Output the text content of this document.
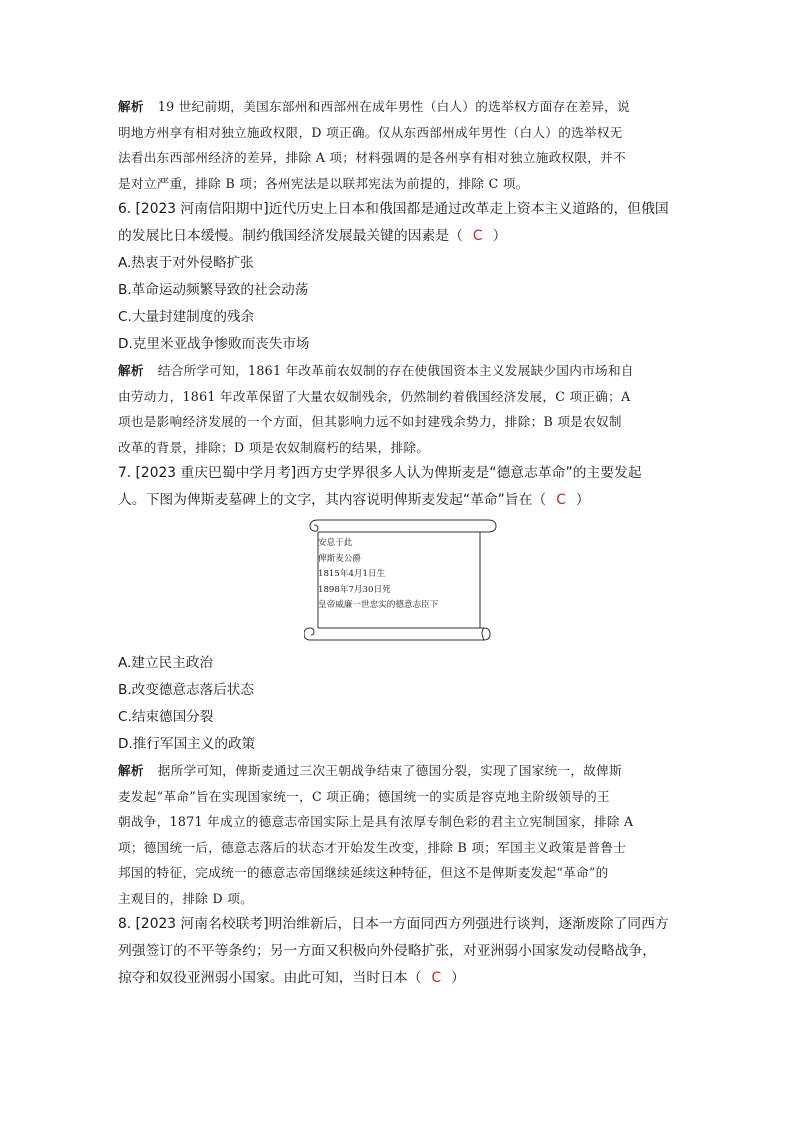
解析 19 世纪前期，美国东部州和西部州在成年男性（白人）的选举权方面存在差异，说
明地方州享有相对独立施政权限，D 项正确。仅从东西部州成年男性（白人）的选举权无
法看出东西部州经济的差异，排除 A 项；材料强调的是各州享有相对独立施政权限，并不
是对立严重，排除 B 项；各州宪法是以联邦宪法为前提的，排除 C 项。
6. [2023 河南信阳期中]近代历史上日本和俄国都是通过改革走上资本主义道路的，但俄国
的发展比日本缓慢。制约俄国经济发展最关键的因素是（ C ）
A.热衷于对外侵略扩张
B.革命运动频繁导致的社会动荡
C.大量封建制度的残余
D.克里米亚战争惨败而丧失市场
解析 结合所学可知，1861 年改革前农奴制的存在使俄国资本主义发展缺少国内市场和自
由劳动力，1861 年改革保留了大量农奴制残余，仍然制约着俄国经济发展，C 项正确；A
项也是影响经济发展的一个方面，但其影响力远不如封建残余势力，排除；B 项是农奴制
改革的背景，排除；D 项是农奴制腐朽的结果，排除。
7. [2023 重庆巴蜀中学月考]西方史学界很多人认为俾斯麦是“德意志革命”的主要发起
人。下图为俾斯麦墓碑上的文字，其内容说明俾斯麦发起“革命”旨在（ C ）
安息于此
俾斯麦公爵
1815年4月1日生
1898年7月30日死
皇帝威廉一世忠实的德意志臣下
A.建立民主政治
B.改变德意志落后状态
C.结束德国分裂
D.推行军国主义的政策
解析 据所学可知，俾斯麦通过三次王朝战争结束了德国分裂，实现了国家统一，故俾斯
麦发起“革命”旨在实现国家统一，C 项正确；德国统一的实质是容克地主阶级领导的王
朝战争，1871 年成立的德意志帝国实际上是具有浓厚专制色彩的君主立宪制国家，排除 A
项；德国统一后，德意志落后的状态才开始发生改变，排除 B 项；军国主义政策是普鲁士
邦国的特征，完成统一的德意志帝国继续延续这种特征，但这不是俾斯麦发起“革命”的
主观目的，排除 D 项。
8. [2023 河南名校联考]明治维新后，日本一方面同西方列强进行谈判，逐渐废除了同西方
列强签订的不平等条约；另一方面又积极向外侵略扩张，对亚洲弱小国家发动侵略战争，
掠夺和奴役亚洲弱小国家。由此可知，当时日本（ C ）
